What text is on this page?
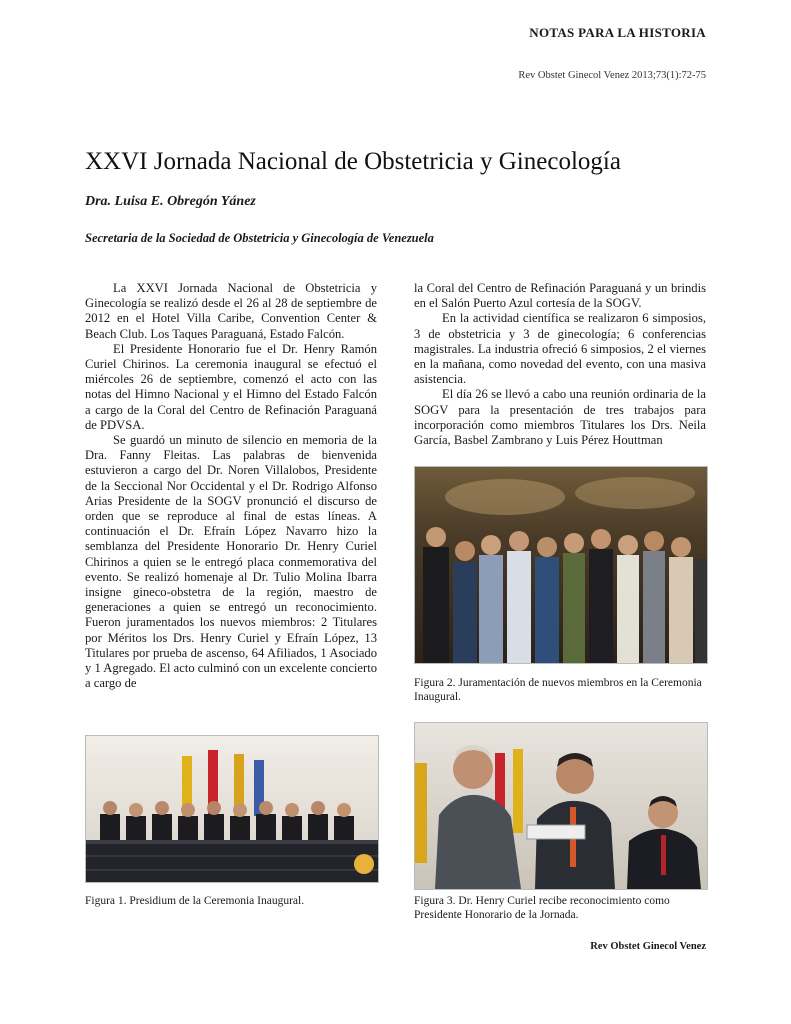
NOTAS PARA LA HISTORIA
Rev Obstet Ginecol Venez 2013;73(1):72-75
XXVI Jornada Nacional de Obstetricia y Ginecología
Dra. Luisa E. Obregón Yánez
Secretaria de la Sociedad de Obstetricia y Ginecología de Venezuela

La XXVI Jornada Nacional de Obstetricia y Ginecología se realizó desde el 26 al 28 de septiembre de 2012 en el Hotel Villa Caribe, Convention Center & Beach Club. Los Taques Paraguaná, Estado Falcón.

El Presidente Honorario fue el Dr. Henry Ramón Curiel Chirinos. La ceremonia inaugural se efectuó el miércoles 26 de septiembre, comenzó el acto con las notas del Himno Nacional y el Himno del Estado Falcón a cargo de la Coral del Centro de Refinación Paraguaná de PDVSA.

Se guardó un minuto de silencio en memoria de la Dra. Fanny Fleitas. Las palabras de bienvenida estuvieron a cargo del Dr. Noren Villalobos, Presidente de la Seccional Nor Occidental y el Dr. Rodrigo Alfonso Arias Presidente de la SOGV pronunció el discurso de orden que se reproduce al final de estas líneas. A continuación el Dr. Efraín López Navarro hizo la semblanza del Presidente Honorario Dr. Henry Curiel Chirinos a quien se le entregó placa conmemorativa del evento. Se realizó homenaje al Dr. Tulio Molina Ibarra insigne gineco-obstetra de la región, maestro de generaciones a quien se entregó un reconocimiento. Fueron juramentados los nuevos miembros: 2 Titulares por Méritos los Drs. Henry Curiel y Efraín López, 13 Titulares por prueba de ascenso, 64 Afiliados, 1 Asociado y 1 Agregado. El acto culminó con un excelente concierto a cargo de

la Coral del Centro de Refinación Paraguaná y un brindis en el Salón Puerto Azul cortesía de la SOGV.

En la actividad científica se realizaron 6 simposios, 3 de obstetricia y 3 de ginecología; 6 conferencias magistrales. La industria ofreció 6 simposios, 2 el viernes en la mañana, como novedad del evento, con una masiva asistencia.

El día 26 se llevó a cabo una reunión ordinaria de la SOGV para la presentación de tres trabajos para incorporación como miembros Titulares los Drs. Neila García, Basbel Zambrano y Luis Pérez Houttman

Figura 2. Juramentación de nuevos miembros en la Ceremonia Inaugural.
Figura 1. Presidium de la Ceremonia Inaugural.	Figura 3. Dr. Henry Curiel recibe reconocimiento como Presidente Honorario de la Jornada.
Rev Obstet Ginecol Venez
